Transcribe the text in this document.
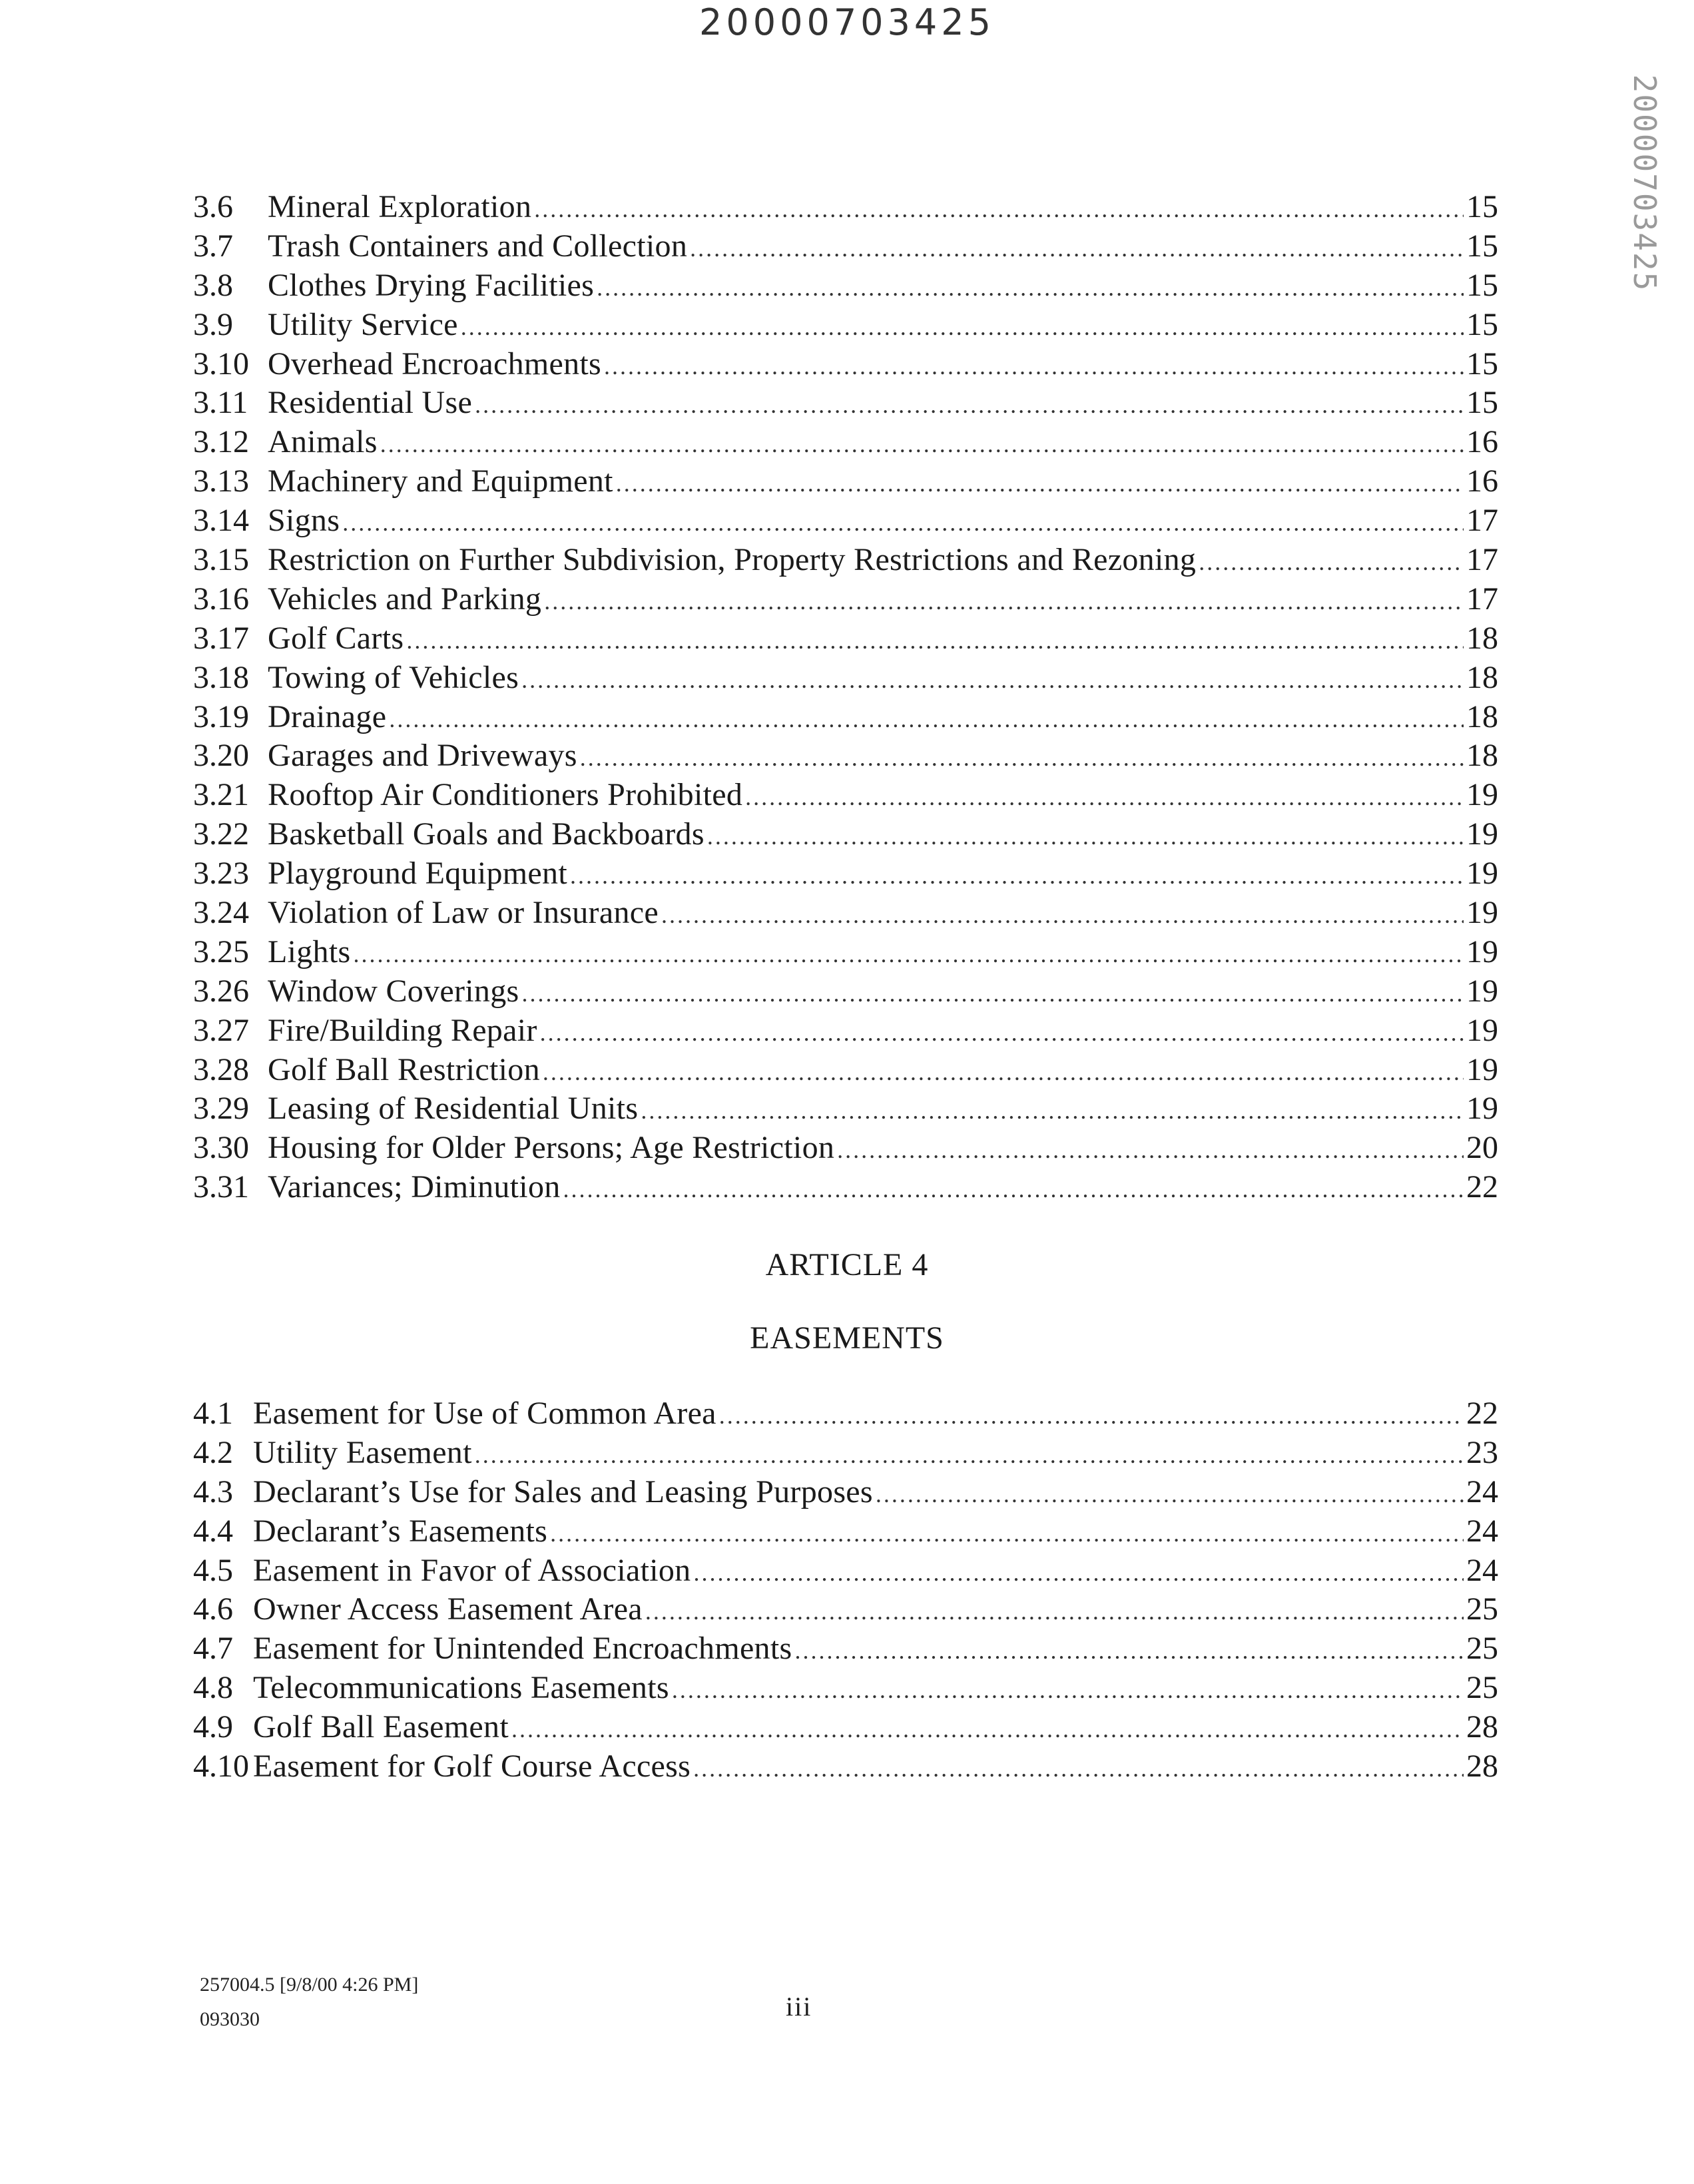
20000703425
20000703425
3.6	Mineral Exploration .....	15
3.7	Trash Containers and Collection .....	15
3.8	Clothes Drying Facilities .....	15
3.9	Utility Service .....	15
3.10 Overhead Encroachments .....	15
3.11 Residential Use .....	15
3.12 Animals .....	16
3.13 Machinery and Equipment .....	16
3.14 Signs .....	17
3.15 Restriction on Further Subdivision, Property Restrictions and Rezoning .....	17
3.16 Vehicles and Parking .....	17
3.17 Golf Carts .....	18
3.18 Towing of Vehicles .....	18
3.19 Drainage .....	18
3.20 Garages and Driveways .....	18
3.21 Rooftop Air Conditioners Prohibited .....	19
3.22 Basketball Goals and Backboards .....	19
3.23 Playground Equipment .....	19
3.24 Violation of Law or Insurance .....	19
3.25 Lights .....	19
3.26 Window Coverings .....	19
3.27 Fire/Building Repair .....	19
3.28 Golf Ball Restriction .....	19
3.29 Leasing of Residential Units .....	19
3.30 Housing for Older Persons; Age Restriction .....	20
3.31 Variances; Diminution .....	22
ARTICLE 4
EASEMENTS
4.1 Easement for Use of Common Area .....	22
4.2 Utility Easement .....	23
4.3 Declarant’s Use for Sales and Leasing Purposes .....	24
4.4 Declarant’s Easements .....	24
4.5 Easement in Favor of Association .....	24
4.6 Owner Access Easement Area .....	25
4.7 Easement for Unintended Encroachments .....	25
4.8 Telecommunications Easements .....	25
4.9 Golf Ball Easement .....	28
4.10 Easement for Golf Course Access .....	28
257004.5 [9/8/00 4:26 PM]
093030	iii
